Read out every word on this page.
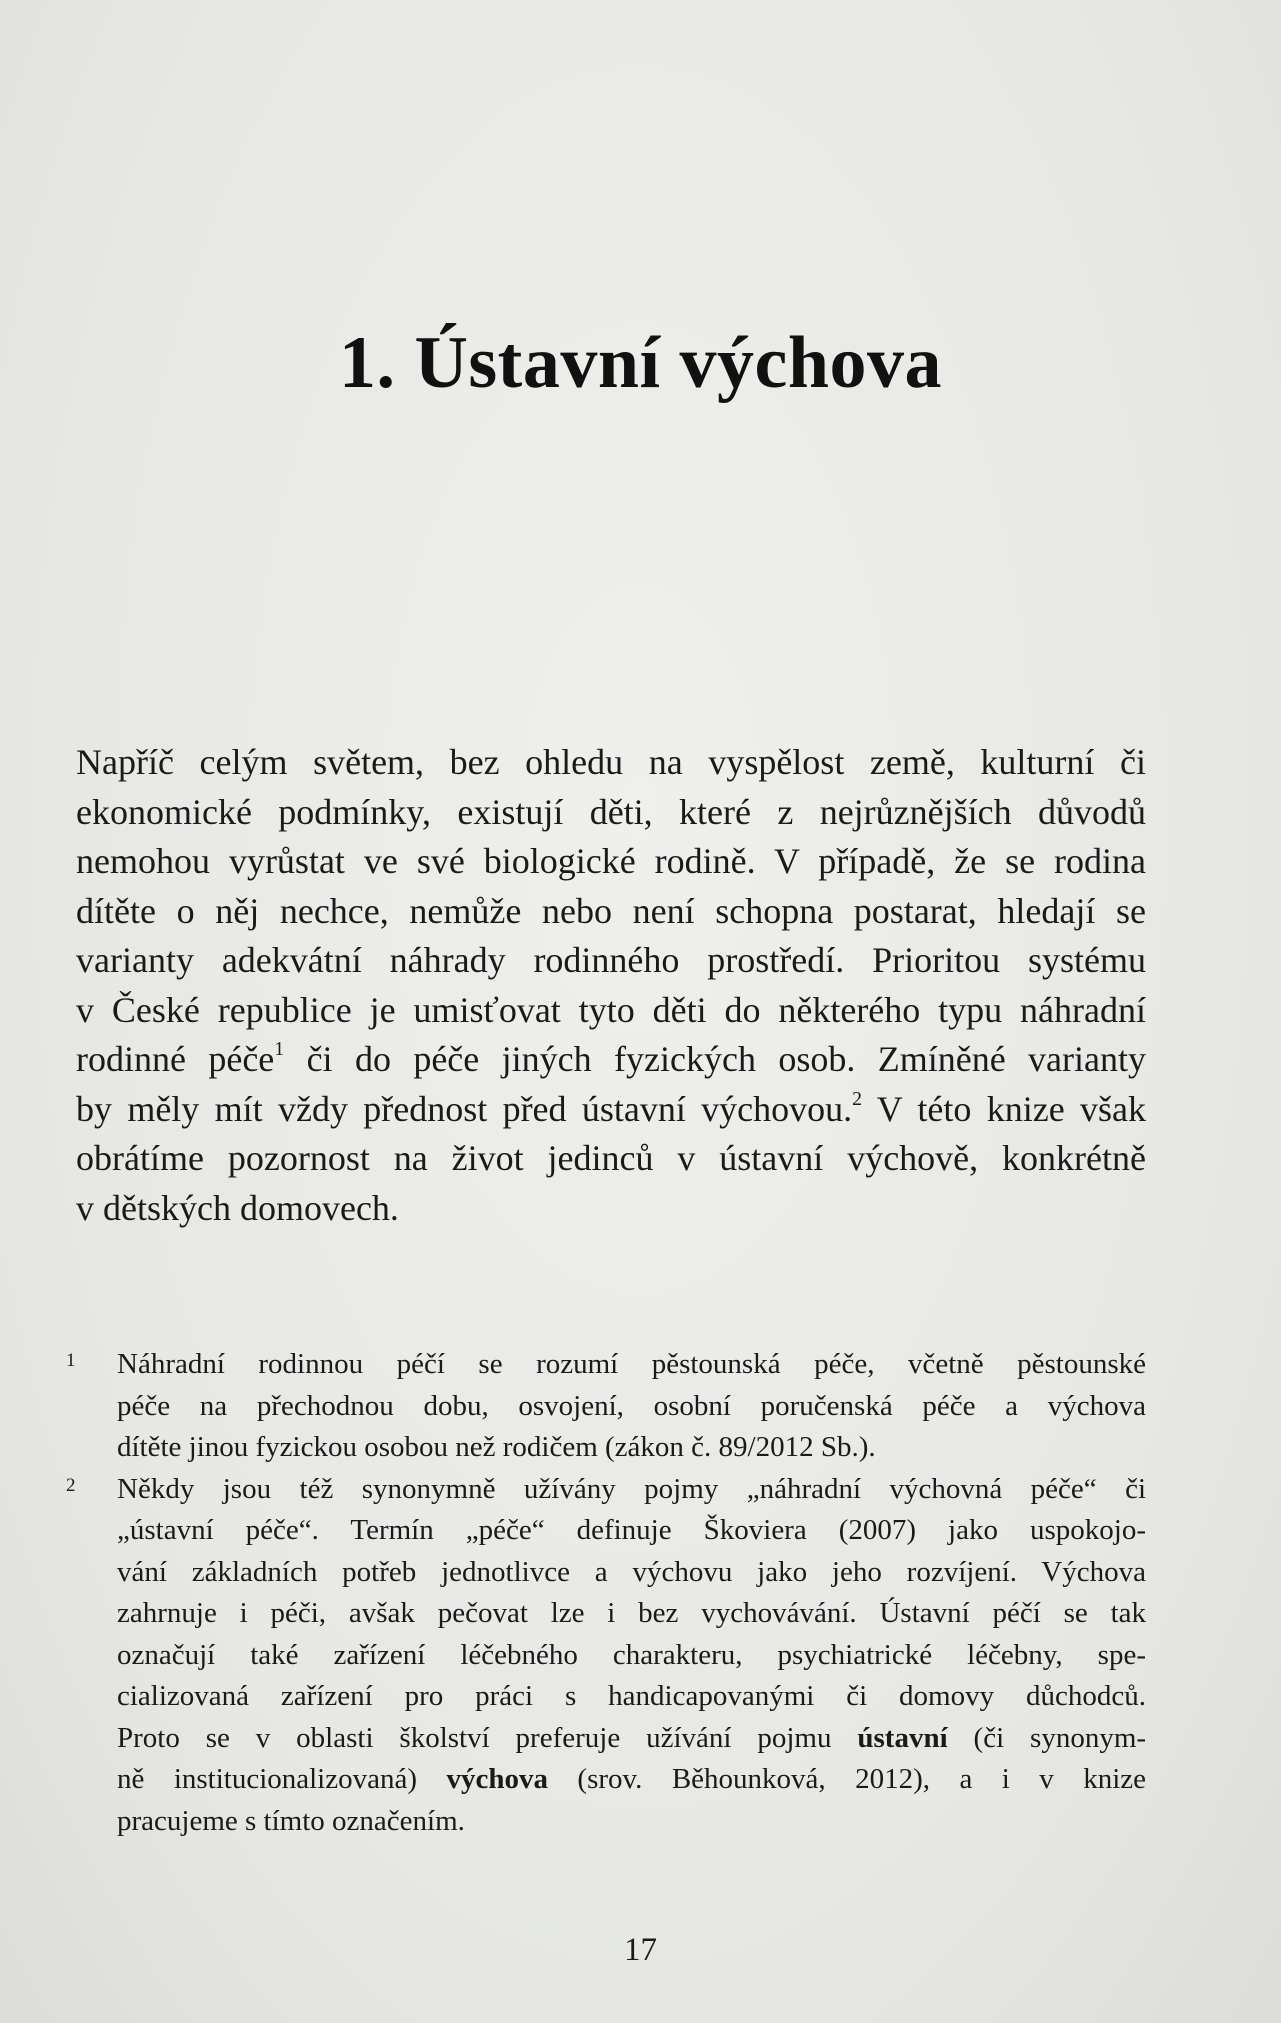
1. Ústavní výchova
Napříč celým světem, bez ohledu na vyspělost země, kulturní či
ekonomické podmínky, existují děti, které z nejrůznějších důvodů
nemohou vyrůstat ve své biologické rodině. V případě, že se rodina
dítěte o něj nechce, nemůže nebo není schopna postarat, hledají se
varianty adekvátní náhrady rodinného prostředí. Prioritou systému
v České republice je umisťovat tyto děti do některého typu náhradní
rodinné péče$^1$ či do péče jiných fyzických osob. Zmíněné varianty
by měly mít vždy přednost před ústavní výchovou.$^2$ V této knize však
obrátíme pozornost na život jedinců v ústavní výchově, konkrétně
v dětských domovech.
1 Náhradní rodinnou péčí se rozumí pěstounská péče, včetně pěstounské
péče na přechodnou dobu, osvojení, osobní poručenská péče a výchova
dítěte jinou fyzickou osobou než rodičem (zákon č. 89/2012 Sb.).
2 Někdy jsou též synonymně užívány pojmy „náhradní výchovná péče“ či
„ústavní péče“. Termín „péče“ definuje Škoviera (2007) jako uspokojo-
vání základních potřeb jednotlivce a výchovu jako jeho rozvíjení. Výchova
zahrnuje i péči, avšak pečovat lze i bez vychovávání. Ústavní péčí se tak
označují také zařízení léčebného charakteru, psychiatrické léčebny, spe-
cializovaná zařízení pro práci s handicapovanými či domovy důchodců.
Proto se v oblasti školství preferuje užívání pojmu ústavní (či synonym-
ně institucionalizovaná) výchova (srov. Běhounková, 2012), a i v knize
pracujeme s tímto označením.
17
